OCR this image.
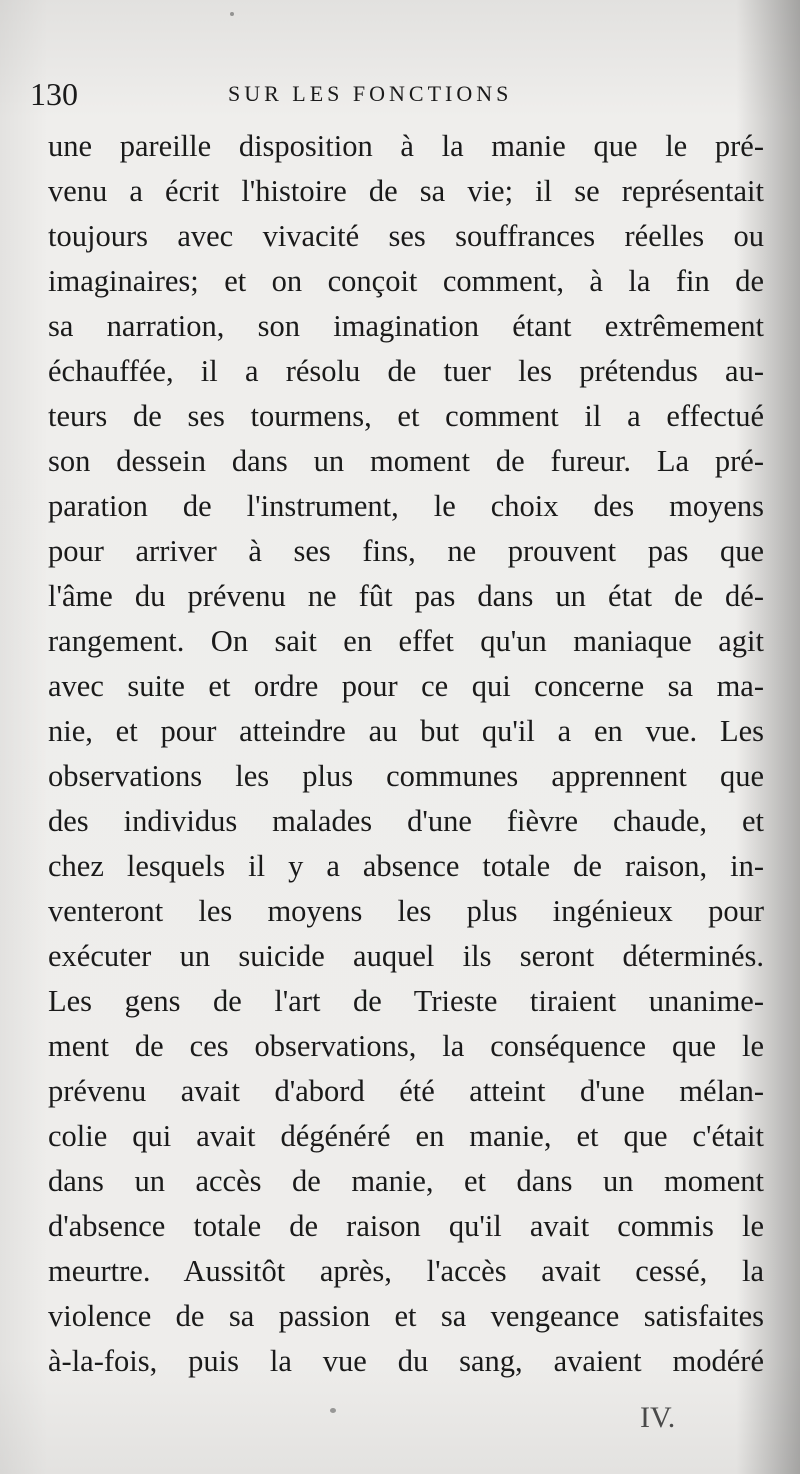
130	SUR LES FONCTIONS
une pareille disposition à la manie que le pré-
venu a écrit l'histoire de sa vie; il se représentait
toujours avec vivacité ses souffrances réelles ou
imaginaires; et on conçoit comment, à la fin de
sa narration, son imagination étant extrêmement
échauffée, il a résolu de tuer les prétendus au-
teurs de ses tourmens, et comment il a effectué
son dessein dans un moment de fureur. La pré-
paration de l'instrument, le choix des moyens
pour arriver à ses fins, ne prouvent pas que
l'âme du prévenu ne fût pas dans un état de dé-
rangement. On sait en effet qu'un maniaque agit
avec suite et ordre pour ce qui concerne sa ma-
nie, et pour atteindre au but qu'il a en vue. Les
observations les plus communes apprennent que
des individus malades d'une fièvre chaude, et
chez lesquels il y a absence totale de raison, in-
venteront les moyens les plus ingénieux pour
exécuter un suicide auquel ils seront déterminés.
Les gens de l'art de Trieste tiraient unanime-
ment de ces observations, la conséquence que le
prévenu avait d'abord été atteint d'une mélan-
colie qui avait dégénéré en manie, et que c'était
dans un accès de manie, et dans un moment
d'absence totale de raison qu'il avait commis le
meurtre. Aussitôt après, l'accès avait cessé, la
violence de sa passion et sa vengeance satisfaites
à-la-fois, puis la vue du sang, avaient modéré
IV.
